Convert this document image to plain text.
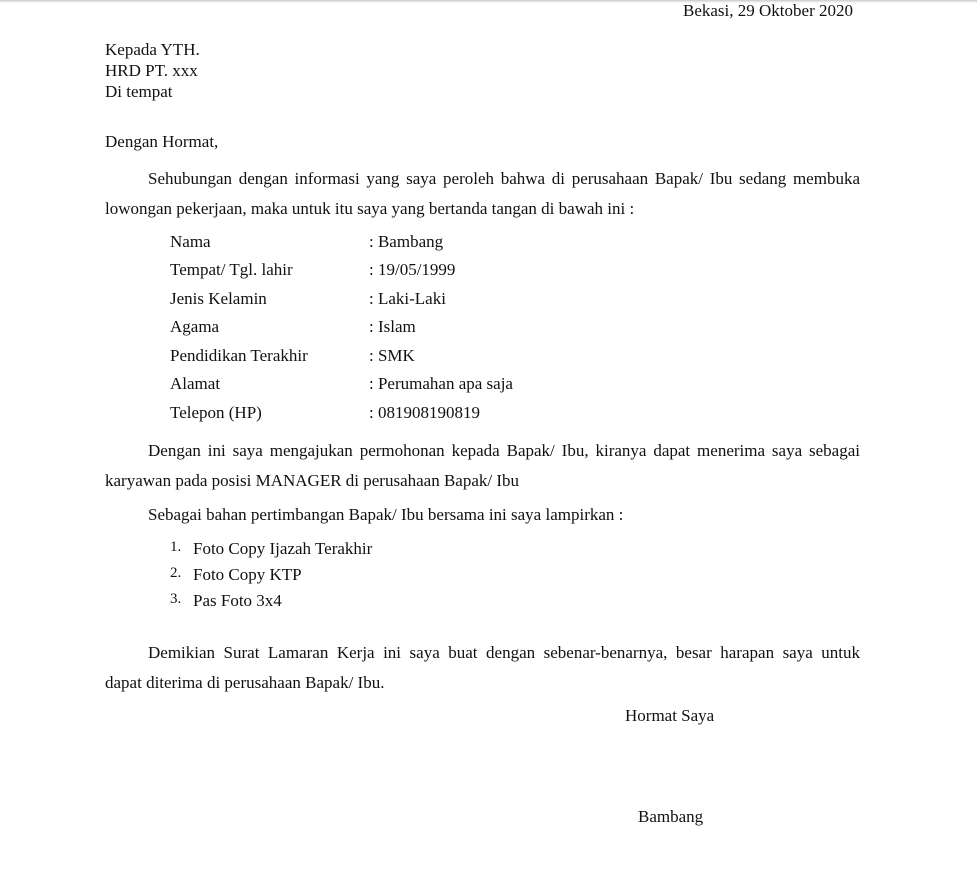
Bekasi, 29 Oktober 2020
Kepada YTH.
HRD PT. xxx
Di tempat
Dengan Hormat,
Sehubungan dengan informasi yang saya peroleh bahwa di perusahaan Bapak/ Ibu sedang membuka
lowongan pekerjaan, maka untuk itu saya yang bertanda tangan di bawah ini :
Nama	: Bambang
Tempat/ Tgl. lahir	: 19/05/1999
Jenis Kelamin	: Laki-Laki
Agama	: Islam
Pendidikan Terakhir	: SMK
Alamat	: Perumahan apa saja
Telepon (HP)	: 081908190819
Dengan ini saya mengajukan permohonan kepada Bapak/ Ibu, kiranya dapat menerima saya sebagai
karyawan pada posisi MANAGER di perusahaan Bapak/ Ibu
Sebagai bahan pertimbangan Bapak/ Ibu bersama ini saya lampirkan :
1. Foto Copy Ijazah Terakhir
2. Foto Copy KTP
3. Pas Foto 3x4
Demikian Surat Lamaran Kerja ini saya buat dengan sebenar-benarnya, besar harapan saya untuk
dapat diterima di perusahaan Bapak/ Ibu.
Hormat Saya
Bambang
